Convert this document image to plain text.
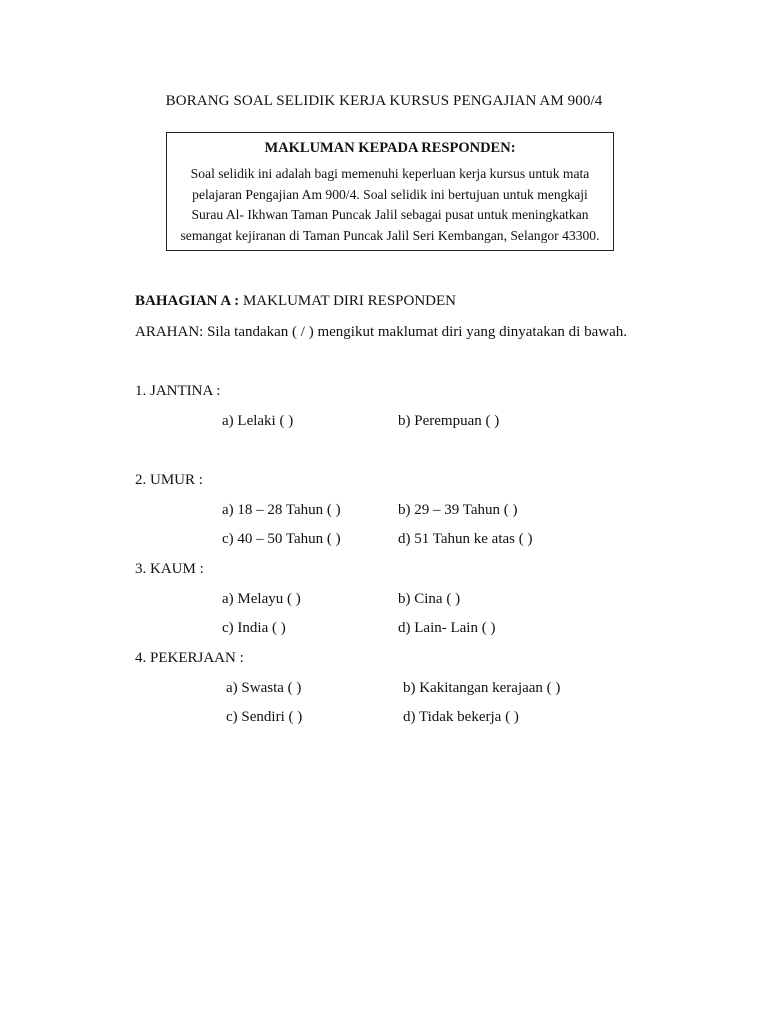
BORANG SOAL SELIDIK KERJA KURSUS PENGAJIAN AM 900/4
MAKLUMAN KEPADA RESPONDEN:
Soal selidik ini adalah bagi memenuhi keperluan kerja kursus untuk mata
pelajaran Pengajian Am 900/4. Soal selidik ini bertujuan untuk mengkaji
Surau Al- Ikhwan Taman Puncak Jalil sebagai pusat untuk meningkatkan
semangat kejiranan di Taman Puncak Jalil Seri Kembangan, Selangor 43300.
BAHAGIAN A : MAKLUMAT DIRI RESPONDEN
ARAHAN: Sila tandakan ( / ) mengikut maklumat diri yang dinyatakan di bawah.
1. JANTINA :
a) Lelaki ( )	b) Perempuan ( )
2. UMUR :
a) 18 – 28 Tahun ( )	b) 29 – 39 Tahun ( )
c) 40 – 50 Tahun ( )	d) 51 Tahun ke atas ( )
3. KAUM :
a) Melayu ( )	b) Cina ( )
c) India ( )	d) Lain- Lain ( )
4. PEKERJAAN :
a) Swasta ( )	b) Kakitangan kerajaan ( )
c) Sendiri ( )	d) Tidak bekerja ( )
